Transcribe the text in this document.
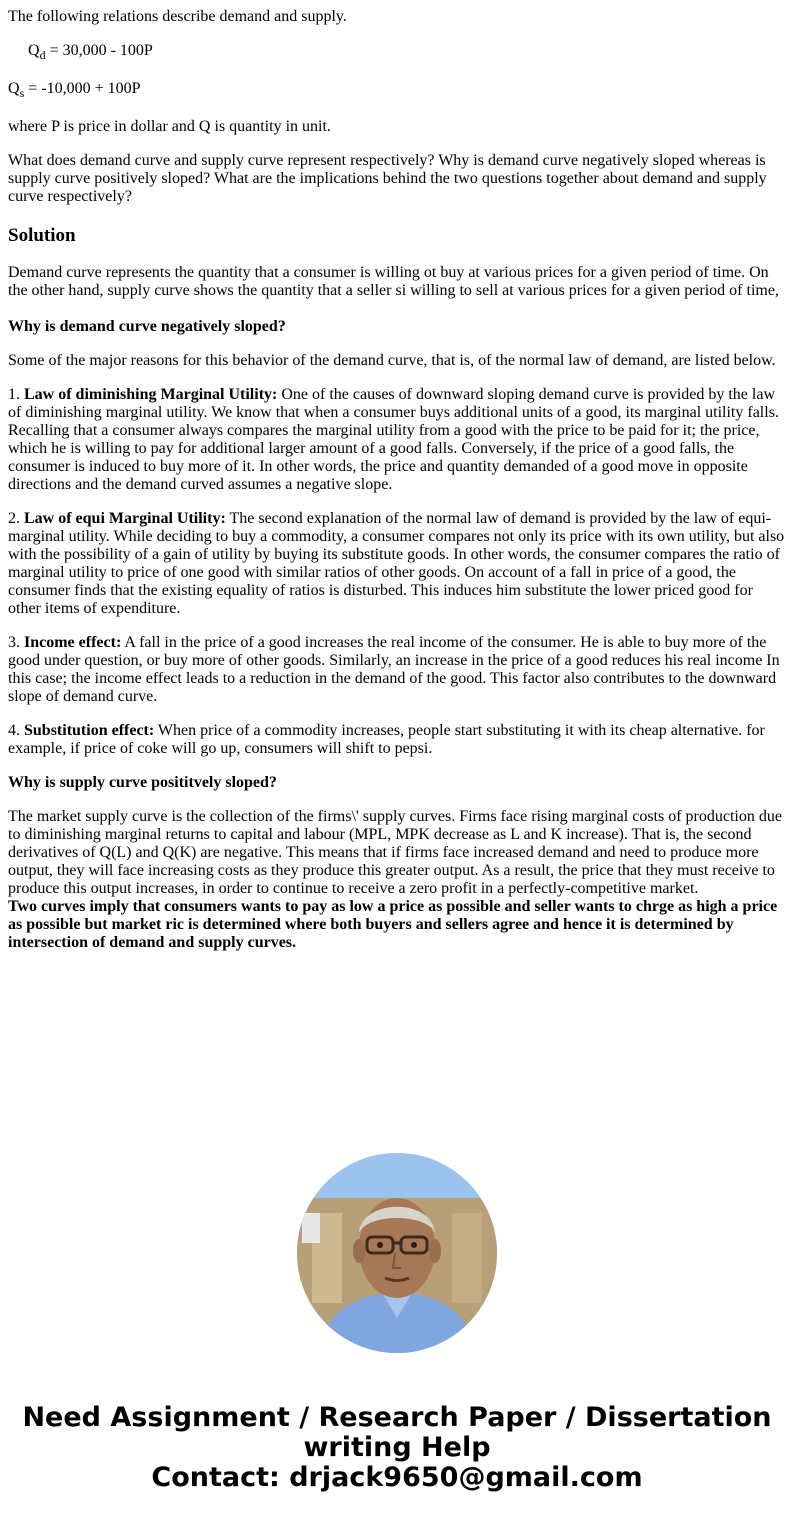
The following relations describe demand and supply.

$Q_d = 30,000 - 100P$

$Q_s = -10,000 + 100P$

where P is price in dollar and Q is quantity in unit.

What does demand curve and supply curve represent respectively? Why is demand curve negatively sloped whereas is supply curve positively sloped? What are the implications behind the two questions together about demand and supply curve respectively?

Solution

Demand curve represents the quantity that a consumer is willing ot buy at various prices for a given period of time. On the other hand, supply curve shows the quantity that a seller si willing to sell at various prices for a given period of time,

Why is demand curve negatively sloped?

Some of the major reasons for this behavior of the demand curve, that is, of the normal law of demand, are listed below.

1. Law of diminishing Marginal Utility: One of the causes of downward sloping demand curve is provided by the law of diminishing marginal utility. We know that when a consumer buys additional units of a good, its marginal utility falls. Recalling that a consumer always compares the marginal utility from a good with the price to be paid for it; the price, which he is willing to pay for additional larger amount of a good falls. Conversely, if the price of a good falls, the consumer is induced to buy more of it. In other words, the price and quantity demanded of a good move in opposite directions and the demand curved assumes a negative slope.

2. Law of equi Marginal Utility: The second explanation of the normal law of demand is provided by the law of equi-marginal utility. While deciding to buy a commodity, a consumer compares not only its price with its own utility, but also with the possibility of a gain of utility by buying its substitute goods. In other words, the consumer compares the ratio of marginal utility to price of one good with similar ratios of other goods. On account of a fall in price of a good, the consumer finds that the existing equality of ratios is disturbed. This induces him substitute the lower priced good for other items of expenditure.

3. Income effect: A fall in the price of a good increases the real income of the consumer. He is able to buy more of the good under question, or buy more of other goods. Similarly, an increase in the price of a good reduces his real income In this case; the income effect leads to a reduction in the demand of the good. This factor also contributes to the downward slope of demand curve.

4. Substitution effect: When price of a commodity increases, people start substituting it with its cheap alternative. for example, if price of coke will go up, consumers will shift to pepsi.

Why is supply curve posititvely sloped?

The market supply curve is the collection of the firms\' supply curves. Firms face rising marginal costs of production due to diminishing marginal returns to capital and labour (MPL, MPK decrease as L and K increase). That is, the second derivatives of Q(L) and Q(K) are negative. This means that if firms face increased demand and need to produce more output, they will face increasing costs as they produce this greater output. As a result, the price that they must receive to produce this output increases, in order to continue to receive a zero profit in a perfectly-competitive market.

Two curves imply that consumers wants to pay as low a price as possible and seller wants to chrge as high a price as possible but market ric is determined where both buyers and sellers agree and hence it is determined by intersection of demand and supply curves.

Need Assignment / Research Paper / Dissertation
writing Help
Contact: drjack9650@gmail.com
